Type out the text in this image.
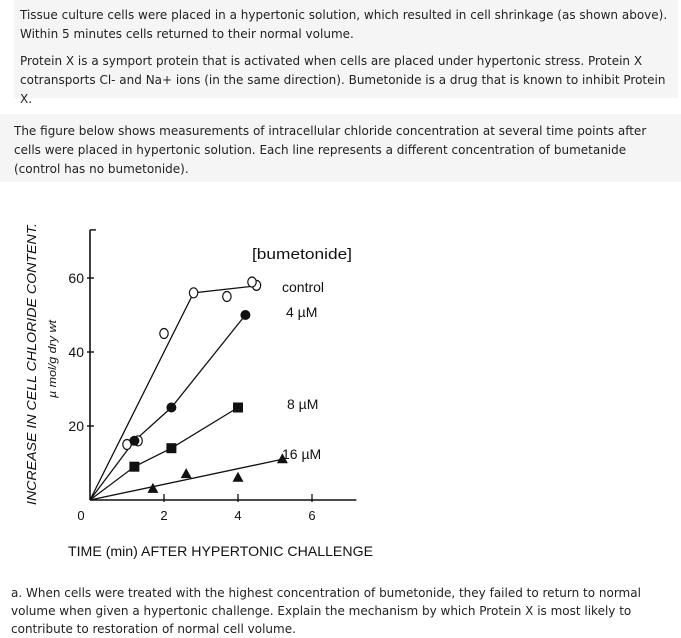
Tissue culture cells were placed in a hypertonic solution, which resulted in cell shrinkage (as shown above). Within 5 minutes cells returned to their normal volume.

Protein X is a symport protein that is activated when cells are placed under hypertonic stress. Protein X cotransports Cl- and Na+ ions (in the same direction). Bumetonide is a drug that is known to inhibit Protein X.

The figure below shows measurements of intracellular chloride concentration at several time points after cells were placed in hypertonic solution. Each line represents a different concentration of bumetanide (control has no bumetonide).

20
40
60
0	2	4	6
TIME (min) AFTER HYPERTONIC CHALLENGE
INCREASE IN CELL CHLORIDE CONTENT. µ mol/g dry wt
[bumetonide]
control
4 µM
8 µM
16 µM

a. When cells were treated with the highest concentration of bumetonide, they failed to return to normal volume when given a hypertonic challenge. Explain the mechanism by which Protein X is most likely to contribute to restoration of normal cell volume.
